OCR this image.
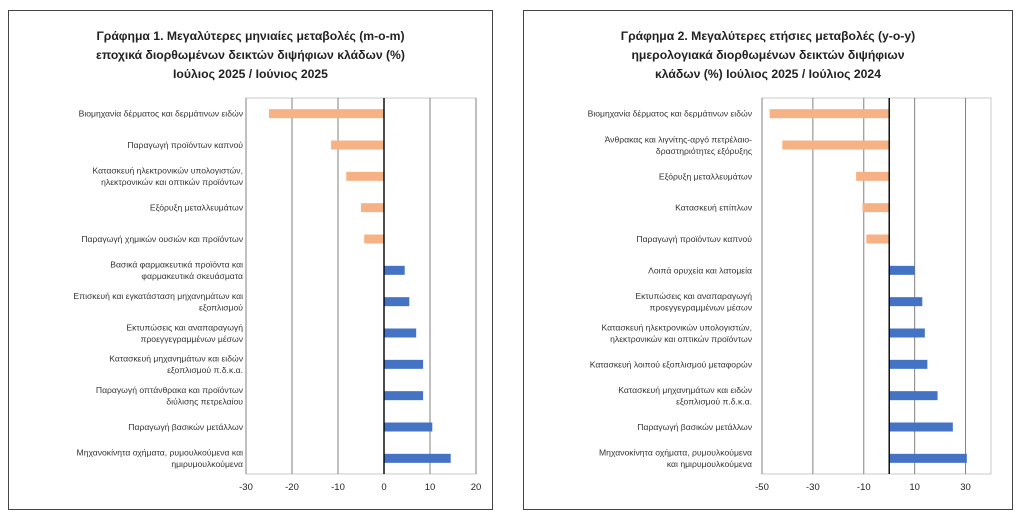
Γράφημα 1. Μεγαλύτερες μηνιαίες μεταβολές (m-o-m)
εποχικά διορθωμένων δεικτών διψήφιων κλάδων (%)
Ιούλιος 2025 / Ιούνιος 2025
Βιομηχανία δέρματος και δερμάτινων ειδών
Παραγωγή προϊόντων καπνού
Κατασκευή ηλεκτρονικών υπολογιστών, ηλεκτρονικών και οπτικών προϊόντων
Εξόρυξη μεταλλευμάτων
Παραγωγή χημικών ουσιών και προϊόντων
Βασικά φαρμακευτικά προϊόντα και φαρμακευτικά σκευάσματα
Επισκευή και εγκατάσταση μηχανημάτων και εξοπλισμού
Εκτυπώσεις και αναπαραγωγή προεγγεγραμμένων μέσων
Κατασκευή μηχανημάτων και ειδών εξοπλισμού π.δ.κ.α.
Παραγωγή οπτάνθρακα και προϊόντων διύλισης πετρελαίου
Παραγωγή βασικών μετάλλων
Μηχανοκίνητα οχήματα, ρυμουλκούμενα και ημιρυμουλκούμενα
-30	-20	-10	0	10	20
Γράφημα 2. Μεγαλύτερες ετήσιες μεταβολές (y-o-y)
ημερολογιακά διορθωμένων δεικτών διψήφιων
κλάδων (%) Ιούλιος 2025 / Ιούλιος 2024
Βιομηχανία δέρματος και δερμάτινων ειδών
Άνθρακας και λιγνίτης-αργό πετρέλαιο-δραστηριότητες εξόρυξης
Εξόρυξη μεταλλευμάτων
Κατασκευή επίπλων
Παραγωγή προϊόντων καπνού
Λοιπά ορυχεία και λατομεία
Εκτυπώσεις και αναπαραγωγή προεγγεγραμμένων μέσων
Κατασκευή ηλεκτρονικών υπολογιστών, ηλεκτρονικών και οπτικών προϊόντων
Κατασκευή λοιπού εξοπλισμού μεταφορών
Κατασκευή μηχανημάτων και ειδών εξοπλισμού π.δ.κ.α.
Παραγωγή βασικών μετάλλων
Μηχανοκίνητα οχήματα, ρυμουλκούμενα και ημιρυμουλκούμενα
-50	-30	-10	10	30
